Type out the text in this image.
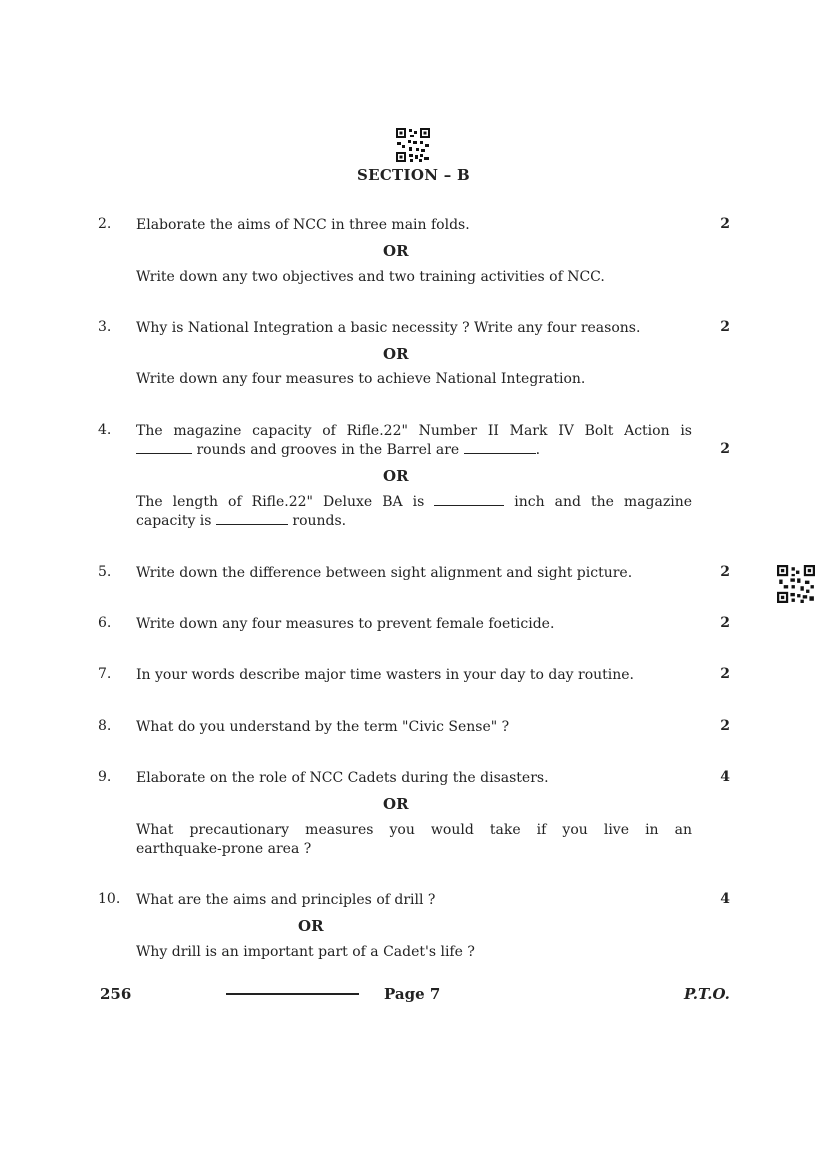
SECTION – B
2. Elaborate the aims of NCC in three main folds.	2
OR
Write down any two objectives and two training activities of NCC.
3. Why is National Integration a basic necessity ? Write any four reasons.	2
OR
Write down any four measures to achieve National Integration.
4. The magazine capacity of Rifle.22" Number II Mark IV Bolt Action is
rounds and grooves in the Barrel are	.	2
OR
The length of Rifle.22" Deluxe BA is	inch and the magazine
capacity is	rounds.
5. Write down the difference between sight alignment and sight picture.	2
6. Write down any four measures to prevent female foeticide.	2
7. In your words describe major time wasters in your day to day routine.	2
8. What do you understand by the term "Civic Sense" ?	2
9. Elaborate on the role of NCC Cadets during the disasters.	4
OR
What precautionary measures you would take if you live in an
earthquake-prone area ?
10. What are the aims and principles of drill ?	4
OR
Why drill is an important part of a Cadet's life ?
256	Page 7	P.T.O.
